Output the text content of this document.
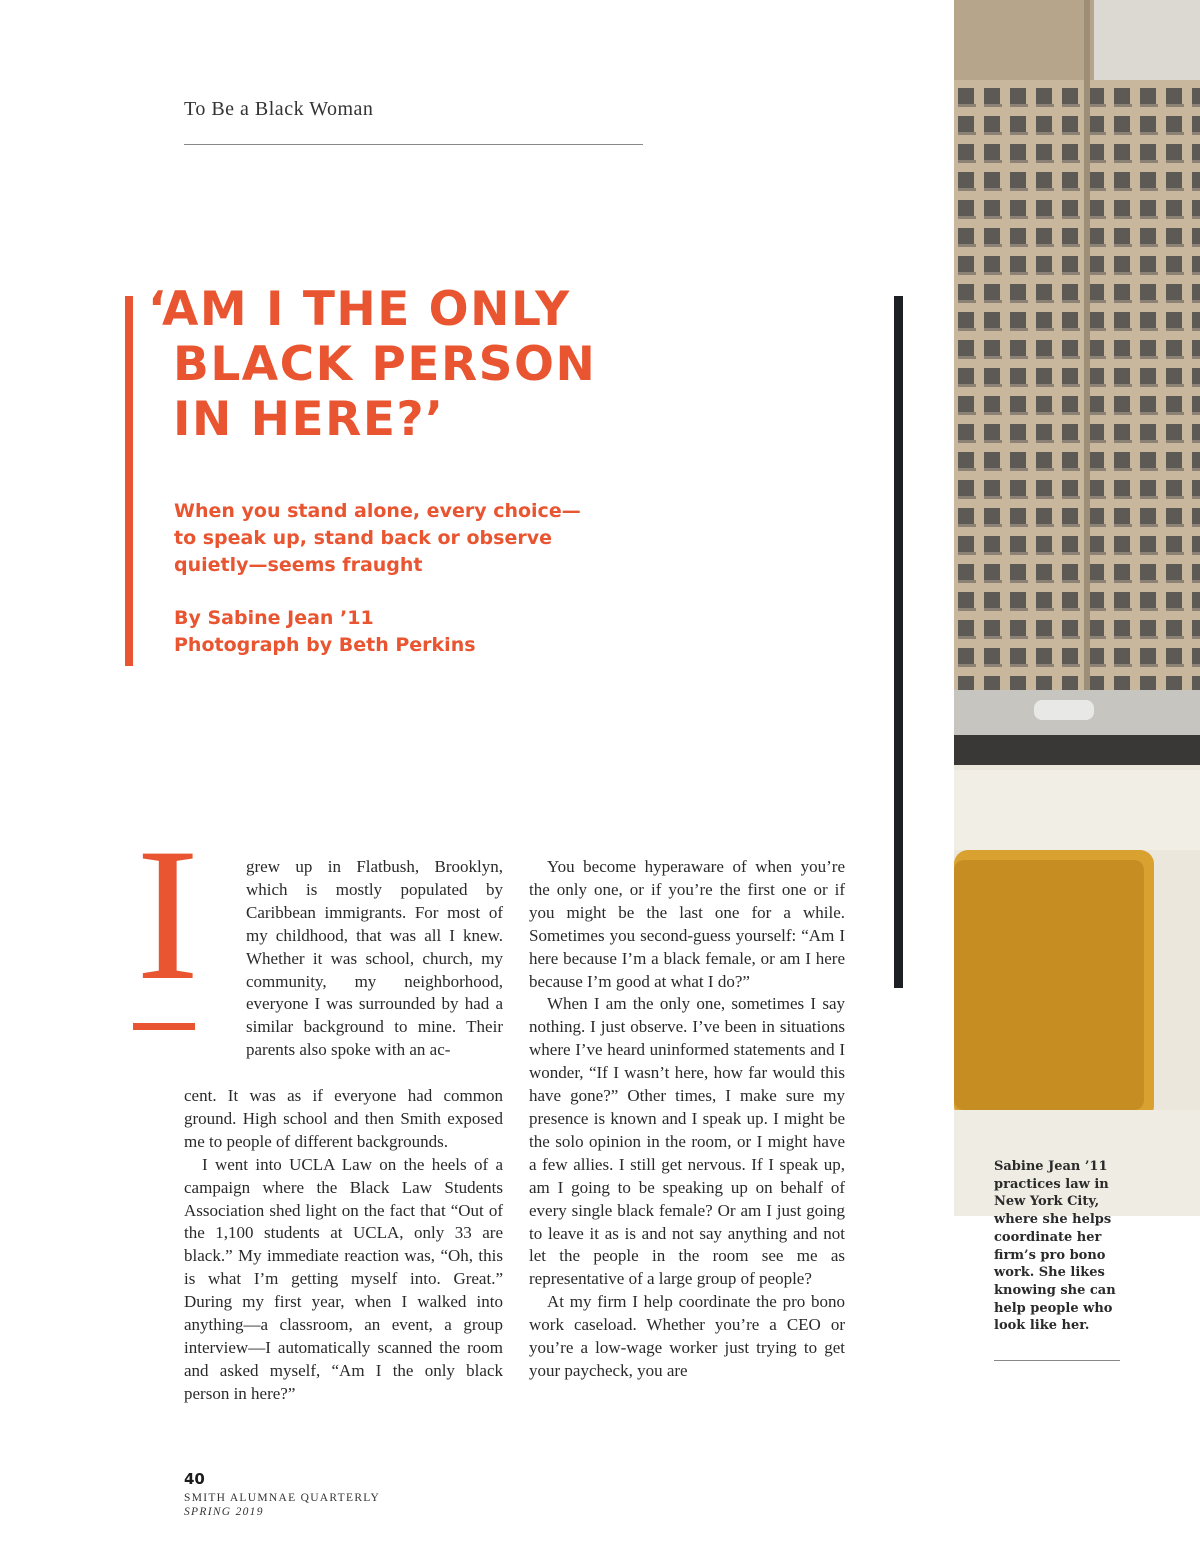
To Be a Black Woman
‘AM I THE ONLY
BLACK PERSON
IN HERE?’
When you stand alone, every choice—to speak up, stand back or observe quietly—seems fraught
By Sabine Jean ’11
Photograph by Beth Perkins
Sabine Jean ’11 practices law in New York City, where she helps coordinate her firm’s pro bono work. She likes knowing she can help people who look like her.
I	grew up in Flatbush, Brooklyn, which is mostly populated by Caribbean immigrants. For most of my childhood, that was all I knew. Whether it was school, church, my community, my neighborhood, everyone I was surrounded by had a similar background to mine. Their parents also spoke with an ac-

cent. It was as if everyone had common ground. High school and then Smith exposed me to people of different backgrounds.

I went into UCLA Law on the heels of a campaign where the Black Law Students Association shed light on the fact that “Out of the 1,100 students at UCLA, only 33 are black.” My immediate reaction was, “Oh, this is what I’m getting myself into. Great.” During my first year, when I walked into anything—a classroom, an event, a group interview—I automatically scanned the room and asked myself, “Am I the only black person in here?”

You become hyperaware of when you’re the only one, or if you’re the first one or if you might be the last one for a while. Sometimes you second-guess yourself: “Am I here because I’m a black female, or am I here because I’m good at what I do?”

When I am the only one, sometimes I say nothing. I just observe. I’ve been in situations where I’ve heard uninformed statements and I wonder, “If I wasn’t here, how far would this have gone?” Other times, I make sure my presence is known and I speak up. I might be the solo opinion in the room, or I might have a few allies. I still get nervous. If I speak up, am I going to be speaking up on behalf of every single black female? Or am I just going to leave it as is and not say anything and not let the people in the room see me as representative of a large group of people?

At my firm I help coordinate the pro bono work caseload. Whether you’re a CEO or you’re a low-wage worker just trying to get your paycheck, you are

40
SMITH ALUMNAE QUARTERLY
SPRING 2019
